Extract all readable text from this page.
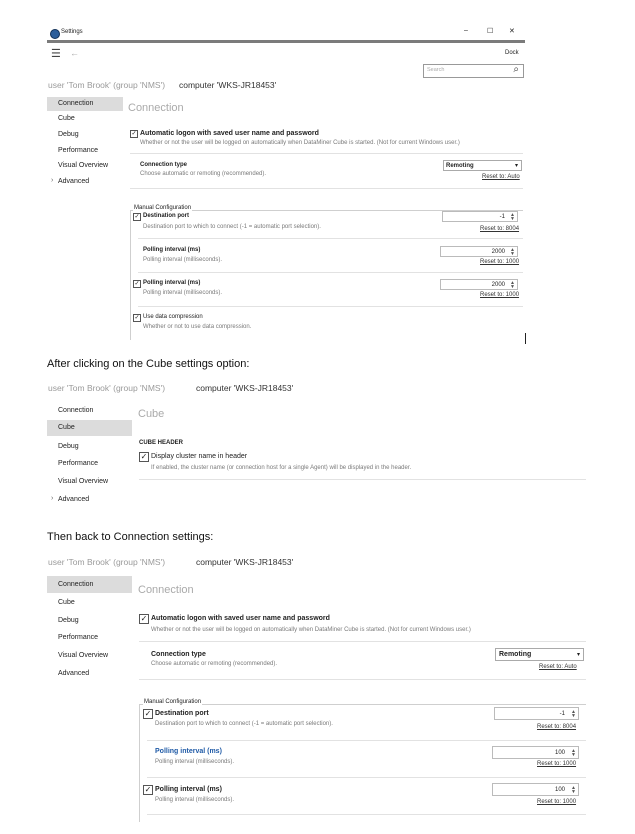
Settings	–	☐ ✕
☰ ←	Dock
Search	⌕
user 'Tom Brook' (group 'NMS') computer 'WKS-JR18453'
Connection
Cube
Debug
Performance
Visual Overview
› Advanced
Connection
✓ Automatic logon with saved user name and password
Whether or not the user will be logged on automatically when DataMiner Cube is started. (Not for current Windows user.)
Connection type
Choose automatic or remoting (recommended).
Remoting	▾
Reset to: Auto
Manual Configuration
✓ Destination port
Destination port to which to connect (-1 = automatic port selection).
-1 ▲▼
Reset to: 8004
Polling interval (ms)
Polling interval (milliseconds).
2000 ▲▼
Reset to: 1000
✓ Polling interval (ms)
Polling interval (milliseconds).
2000 ▲▼
Reset to: 1000
✓ Use data compression
Whether or not to use data compression.
After clicking on the Cube settings option:
user 'Tom Brook' (group 'NMS')	computer 'WKS-JR18453'
Connection
Cube
Debug
Performance
Visual Overview
› Advanced
Cube
CUBE HEADER
✓ Display cluster name in header
If enabled, the cluster name (or connection host for a single Agent) will be displayed in the header.
Then back to Connection settings:
user 'Tom Brook' (group 'NMS')	computer 'WKS-JR18453'
Connection
Cube
Debug
Performance
Visual Overview
Advanced
Connection
✓ Automatic logon with saved user name and password
Whether or not the user will be logged on automatically when DataMiner Cube is started. (Not for current Windows user.)
Connection type
Choose automatic or remoting (recommended).
Remoting	▾
Reset to: Auto
Manual Configuration
✓ Destination port
Destination port to which to connect (-1 = automatic port selection).
-1 ▲▼
Reset to: 8004
Polling interval (ms)
Polling interval (milliseconds).
100 ▲▼
Reset to: 1000
✓ Polling interval (ms)
Polling interval (milliseconds).
100 ▲▼
Reset to: 1000
